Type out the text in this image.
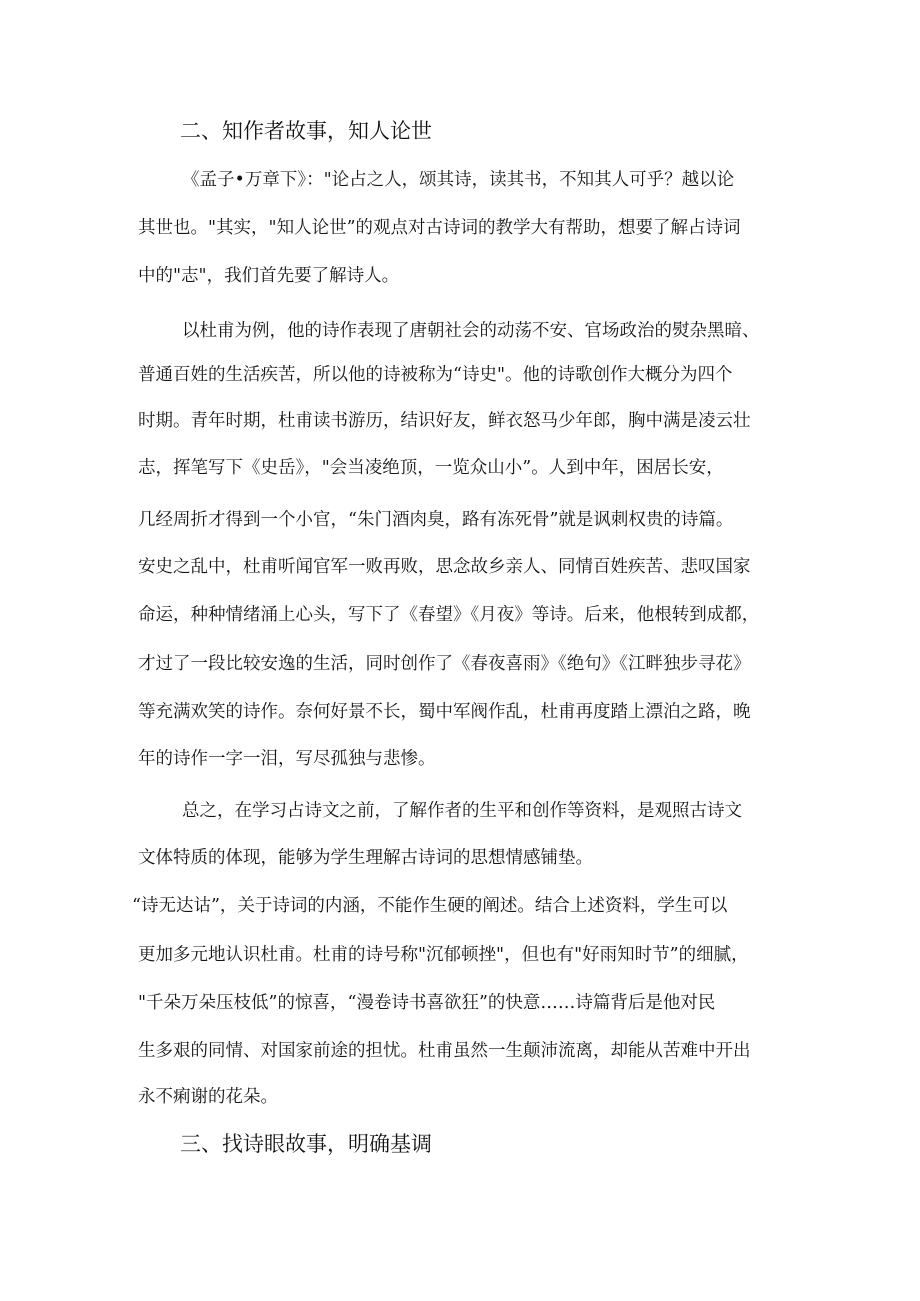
二、知作者故事，知人论世
《孟子•万章下》："论占之人，颂其诗，读其书，不知其人可乎？越以论
其世也。"其实，"知人论世”的观点对古诗词的教学大有帮助，想要了解占诗词
中的"志"，我们首先要了解诗人。
以杜甫为例，他的诗作表现了唐朝社会的动荡不安、官场政治的熨杂黑暗、
普通百姓的生活疾苦，所以他的诗被称为“诗史"。他的诗歌创作大概分为四个
时期。青年时期，杜甫读书游历，结识好友，鲜衣怒马少年郎，胸中满是凌云壮
志，挥笔写下《史岳》，"会当凌绝顶，一览众山小”。人到中年，困居长安，
几经周折才得到一个小官，“朱门酒肉臭，路有冻死骨”就是讽刺权贵的诗篇。
安史之乱中，杜甫听闻官军一败再败，思念故乡亲人、同情百姓疾苦、悲叹国家
命运，种种情绪涌上心头，写下了《春望》《月夜》等诗。后来，他根转到成都，
才过了一段比较安逸的生活，同时创作了《春夜喜雨》《绝句》《江畔独步寻花》
等充满欢笑的诗作。奈何好景不长，蜀中军阀作乱，杜甫再度踏上漂泊之路，晚
年的诗作一字一泪，写尽孤独与悲惨。
总之，在学习占诗文之前，了解作者的生平和创作等资料，是观照古诗文
文体特质的体现，能够为学生理解古诗词的思想情感铺垫。
“诗无达诂”，关于诗词的内涵，不能作生硬的阐述。结合上述资料，学生可以
更加多元地认识杜甫。杜甫的诗号称"沉郁顿挫"，但也有"好雨知时节”的细腻，
"千朵万朵压枝低”的惊喜，“漫卷诗书喜欲狂”的快意……诗篇背后是他对民
生多艰的同情、对国家前途的担忧。杜甫虽然一生颠沛流离，却能从苦难中开出
永不痢谢的花朵。
三、找诗眼故事，明确基调
